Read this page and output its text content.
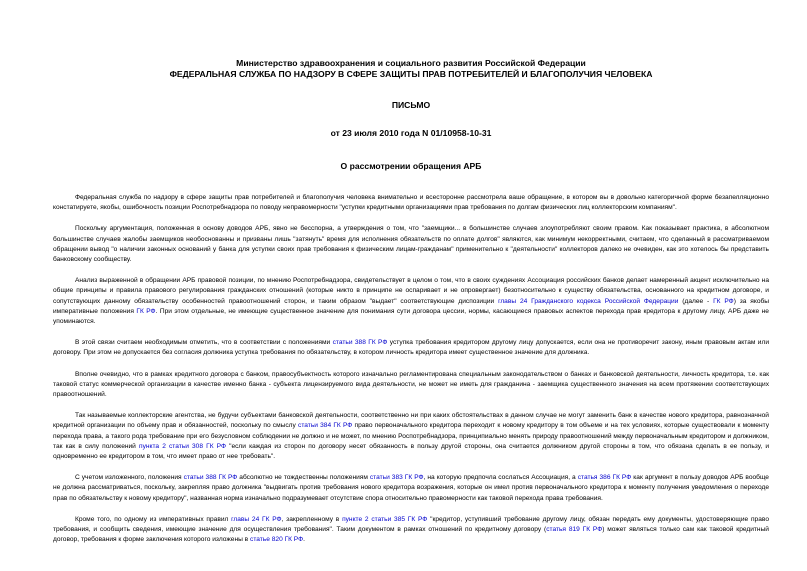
Министерство здравоохранения и социального развития Российской Федерации
ФЕДЕРАЛЬНАЯ СЛУЖБА ПО НАДЗОРУ В СФЕРЕ ЗАЩИТЫ ПРАВ ПОТРЕБИТЕЛЕЙ И БЛАГОПОЛУЧИЯ ЧЕЛОВЕКА
ПИСЬМО
от 23 июля 2010 года N 01/10958-10-31
О рассмотрении обращения АРБ

Федеральная служба по надзору в сфере защиты прав потребителей и благополучия человека внимательно и всесторонне рассмотрела ваше обращение, в котором вы в довольно категоричной форме безапелляционно констатируете, якобы, ошибочность позиции Роспотребнадзора по поводу неправомерности "уступки кредитными организациями прав требования по долгам физических лиц коллекторским компаниям".

Поскольку аргументация, положенная в основу доводов АРБ, явно не бесспорна, а утверждения о том, что "заемщики... в большинстве случаев злоупотребляют своим правом. Как показывает практика, в абсолютном большинстве случаев жалобы заемщиков необоснованны и призваны лишь "затянуть" время для исполнения обязательств по оплате долгов" являются, как минимум некорректными, считаем, что сделанный в рассматриваемом обращении вывод "о наличии законных оснований у банка для уступки своих прав требования к физическим лицам-гражданам" применительно к "деятельности" коллекторов далеко не очевиден, как это хотелось бы представить банковскому сообществу.

Анализ выраженной в обращении АРБ правовой позиции, по мнению Роспотребнадзора, свидетельствует в целом о том, что в своих суждениях Ассоциация российских банков делает намеренный акцент исключительно на общие принципы и правила правового регулирования гражданских отношений (которые никто в принципе не оспаривает и не опровергает) безотносительно к существу обязательства, основанного на кредитном договоре, и сопутствующих данному обязательству особенностей правоотношений сторон, и таким образом "выдает" соответствующие диспозиции главы 24 Гражданского кодекса Российской Федерации (далее - ГК РФ) за якобы императивные положения ГК РФ. При этом отдельные, не имеющие существенное значение для понимания сути договора цессии, нормы, касающиеся правовых аспектов перехода прав кредитора к другому лицу, АРБ даже не упоминаются.

В этой связи считаем необходимым отметить, что в соответствии с положениями статьи 388 ГК РФ уступка требования кредитором другому лицу допускается, если она не противоречит закону, иным правовым актам или договору. При этом не допускается без согласия должника уступка требования по обязательству, в котором личность кредитора имеет существенное значение для должника.

Вполне очевидно, что в рамках кредитного договора с банком, правосубъектность которого изначально регламентирована специальным законодательством о банках и банковской деятельности, личность кредитора, т.е. как таковой статус коммерческой организации в качестве именно банка - субъекта лицензируемого вида деятельности, не может не иметь для гражданина - заемщика существенного значения на всем протяжении соответствующих правоотношений.

Так называемые коллекторские агентства, не будучи субъектами банковской деятельности, соответственно ни при каких обстоятельствах в данном случае не могут заменить банк в качестве нового кредитора, равнозначной кредитной организации по объему прав и обязанностей, поскольку по смыслу статьи 384 ГК РФ право первоначального кредитора переходит к новому кредитору в том объеме и на тех условиях, которые существовали к моменту перехода права, а такого рода требование при его безусловном соблюдении не должно и не может, по мнению Роспотребнадзора, принципиально менять природу правоотношений между первоначальным кредитором и должником, так как в силу положений пункта 2 статьи 308 ГК РФ "если каждая из сторон по договору несет обязанность в пользу другой стороны, она считается должником другой стороны в том, что обязана сделать в ее пользу, и одновременно ее кредитором в том, что имеет право от нее требовать".

С учетом изложенного, положения статьи 388 ГК РФ абсолютно не тождественны положениям статьи 383 ГК РФ, на которую предпочла сослаться Ассоциация, а статья 386 ГК РФ как аргумент в пользу доводов АРБ вообще не должна рассматриваться, поскольку, закрепляя право должника "выдвигать против требования нового кредитора возражения, которые он имел против первоначального кредитора к моменту получения уведомления о переходе прав по обязательству к новому кредитору", названная норма изначально подразумевает отсутствие спора относительно правомерности как таковой перехода права требования.

Кроме того, по одному из императивных правил главы 24 ГК РФ, закрепленному в пункте 2 статьи 385 ГК РФ "кредитор, уступивший требование другому лицу, обязан передать ему документы, удостоверяющие право требования, и сообщить сведения, имеющие значение для осуществления требования". Таким документом в рамках отношений по кредитному договору (статья 819 ГК РФ) может являться только сам как таковой кредитный договор, требования к форме заключения которого изложены в статье 820 ГК РФ.
